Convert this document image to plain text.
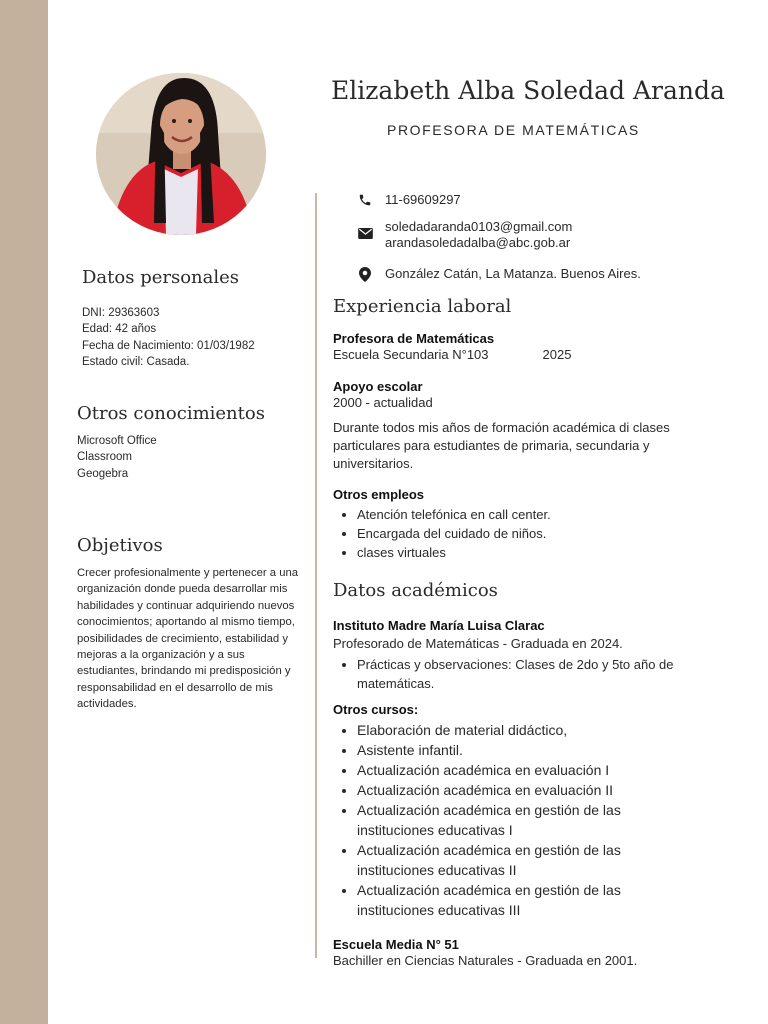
Elizabeth Alba Soledad Aranda
PROFESORA DE MATEMÁTICAS
11-69609297
soledadaranda0103@gmail.com
arandasoledadalba@abc.gob.ar
González Catán, La Matanza. Buenos Aires.
Datos personales
DNI: 29363603
Edad: 42 años
Fecha de Nacimiento: 01/03/1982
Estado civil: Casada.
Otros conocimientos
Microsoft Office
Classroom
Geogebra
Objetivos
Crecer profesionalmente y pertenecer a una organización donde pueda desarrollar mis habilidades y continuar adquiriendo nuevos conocimientos; aportando al mismo tiempo, posibilidades de crecimiento, estabilidad y mejoras a la organización y a sus estudiantes, brindando mi predisposición y responsabilidad en el desarrollo de mis actividades.
Experiencia laboral
Profesora de Matemáticas
Escuela Secundaria N°103	2025
Apoyo escolar
2000 - actualidad
Durante todos mis años de formación académica di clases particulares para estudiantes de primaria, secundaria y universitarios.
Otros empleos
• Atención telefónica en call center.
• Encargada del cuidado de niños.
• clases virtuales
Datos académicos
Instituto Madre María Luisa Clarac
Profesorado de Matemáticas - Graduada en 2024.
• Prácticas y observaciones: Clases de 2do y 5to año de matemáticas.
Otros cursos:
• Elaboración de material didáctico,
• Asistente infantil.
• Actualización académica en evaluación I
• Actualización académica en evaluación II
• Actualización académica en gestión de las instituciones educativas I
• Actualización académica en gestión de las instituciones educativas II
• Actualización académica en gestión de las instituciones educativas III
Escuela Media N° 51
Bachiller en Ciencias Naturales - Graduada en 2001.
